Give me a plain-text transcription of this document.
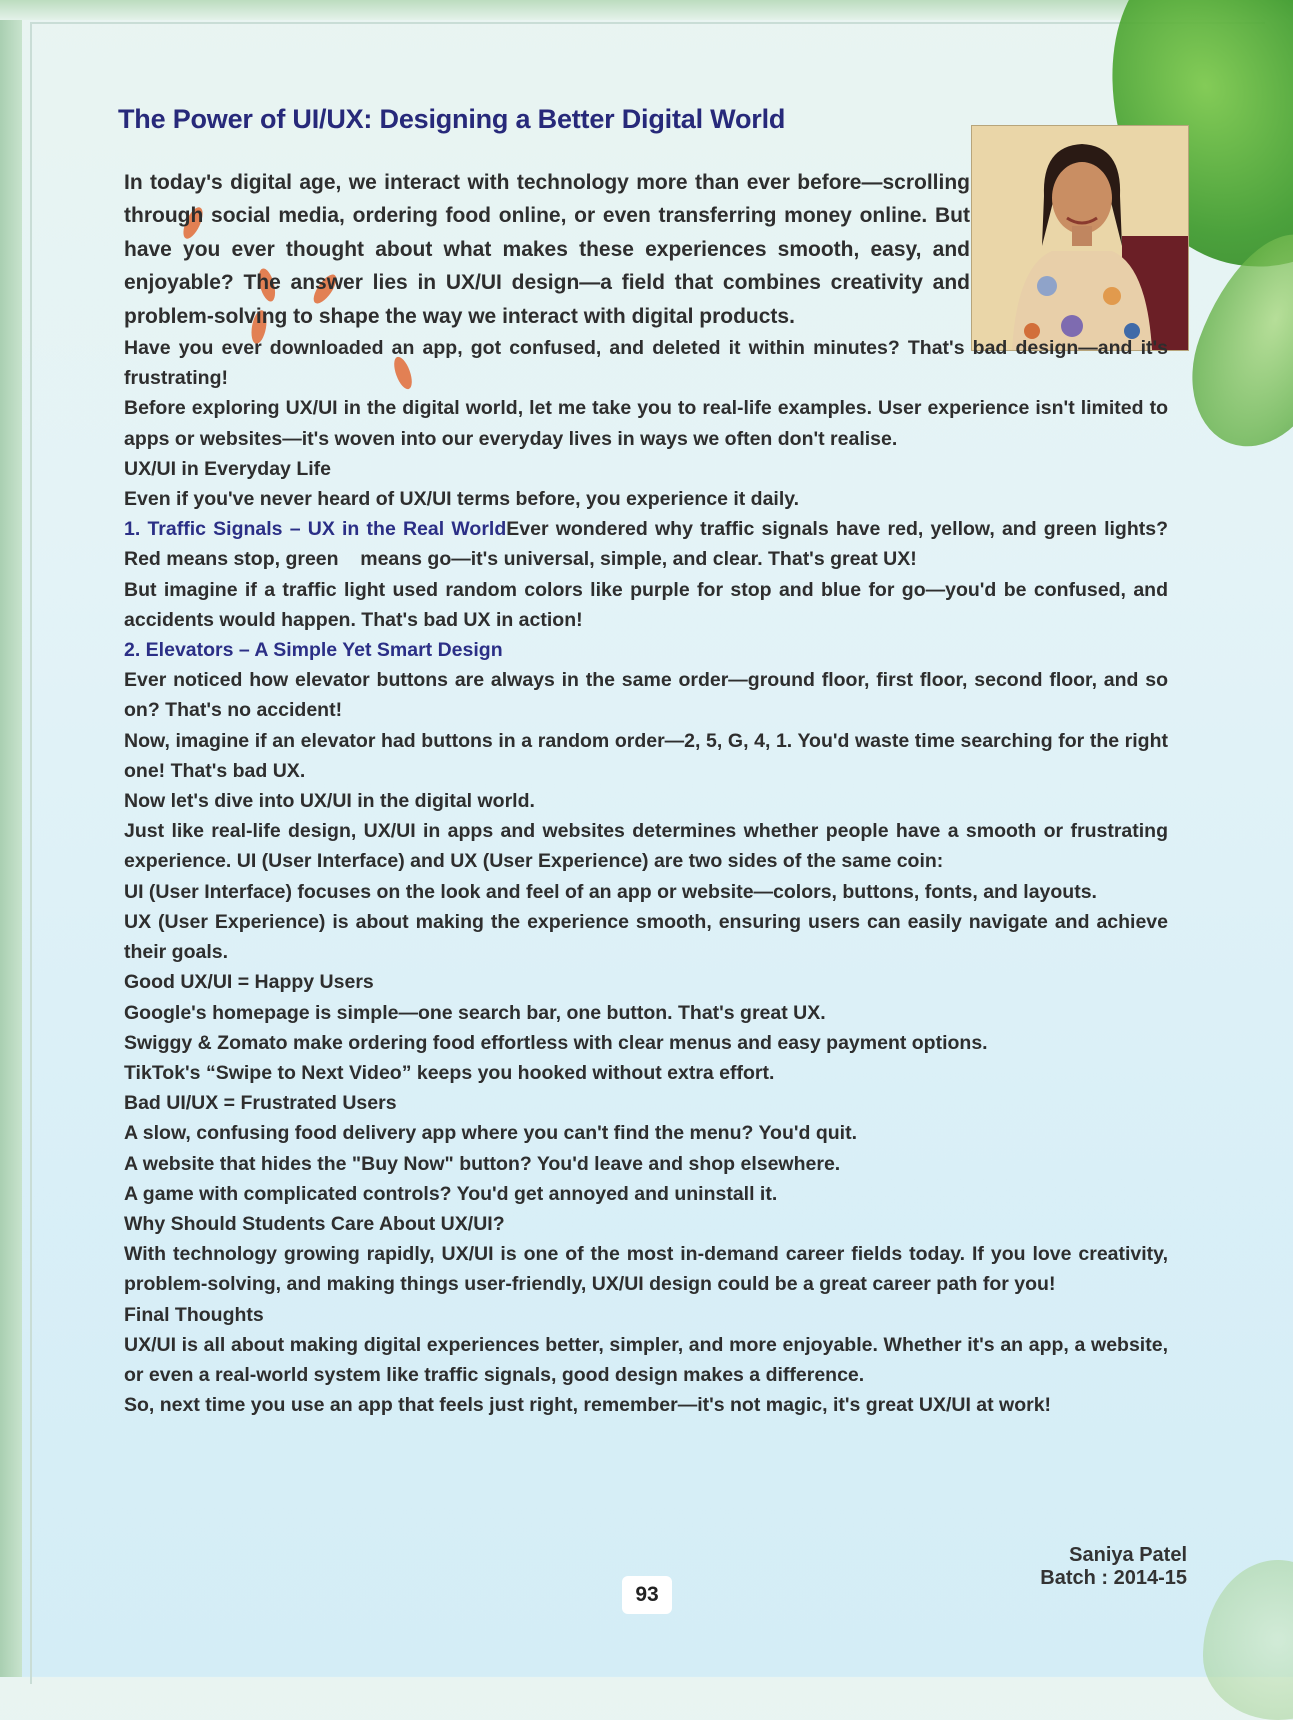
The Power of UI/UX: Designing a Better Digital World

In today's digital age, we interact with technology more than ever before—scrolling through social media, ordering food online, or even transferring money online. But have you ever thought about what makes these experiences smooth, easy, and enjoyable? The answer lies in UX/UI design—a field that combines creativity and problem-solving to shape the way we interact with digital products.

Have you ever downloaded an app, got confused, and deleted it within minutes? That's bad design—and it's frustrating!

Before exploring UX/UI in the digital world, let me take you to real-life examples. User experience isn't limited to apps or websites—it's woven into our everyday lives in ways we often don't realise.

UX/UI in Everyday Life

Even if you've never heard of UX/UI terms before, you experience it daily.

1. Traffic Signals – UX in the Real WorldEver wondered why traffic signals have red, yellow, and green lights? Red means stop, green    means go—it's universal, simple, and clear. That's great UX!

But imagine if a traffic light used random colors like purple for stop and blue for go—you'd be confused, and accidents would happen. That's bad UX in action!

2. Elevators – A Simple Yet Smart Design

Ever noticed how elevator buttons are always in the same order—ground floor, first floor, second floor, and so on? That's no accident!

Now, imagine if an elevator had buttons in a random order—2, 5, G, 4, 1. You'd waste time searching for the right one! That's bad UX.

Now let's dive into UX/UI in the digital world.

Just like real-life design, UX/UI in apps and websites determines whether people have a smooth or frustrating experience. UI (User Interface) and UX (User Experience) are two sides of the same coin:

UI (User Interface) focuses on the look and feel of an app or website—colors, buttons, fonts, and layouts.

UX (User Experience) is about making the experience smooth, ensuring users can easily navigate and achieve their goals.

Good UX/UI = Happy Users

Google's homepage is simple—one search bar, one button. That's great UX.

Swiggy & Zomato make ordering food effortless with clear menus and easy payment options.

TikTok's “Swipe to Next Video” keeps you hooked without extra effort.

Bad UI/UX = Frustrated Users

A slow, confusing food delivery app where you can't find the menu? You'd quit.

A website that hides the "Buy Now" button? You'd leave and shop elsewhere.

A game with complicated controls? You'd get annoyed and uninstall it.

Why Should Students Care About UX/UI?

With technology growing rapidly, UX/UI is one of the most in-demand career fields today. If you love creativity, problem-solving, and making things user-friendly, UX/UI design could be a great career path for you!

Final Thoughts

UX/UI is all about making digital experiences better, simpler, and more enjoyable. Whether it's an app, a website, or even a real-world system like traffic signals, good design makes a difference.

So, next time you use an app that feels just right, remember—it's not magic, it's great UX/UI at work!

Saniya Patel
Batch : 2014-15
93
